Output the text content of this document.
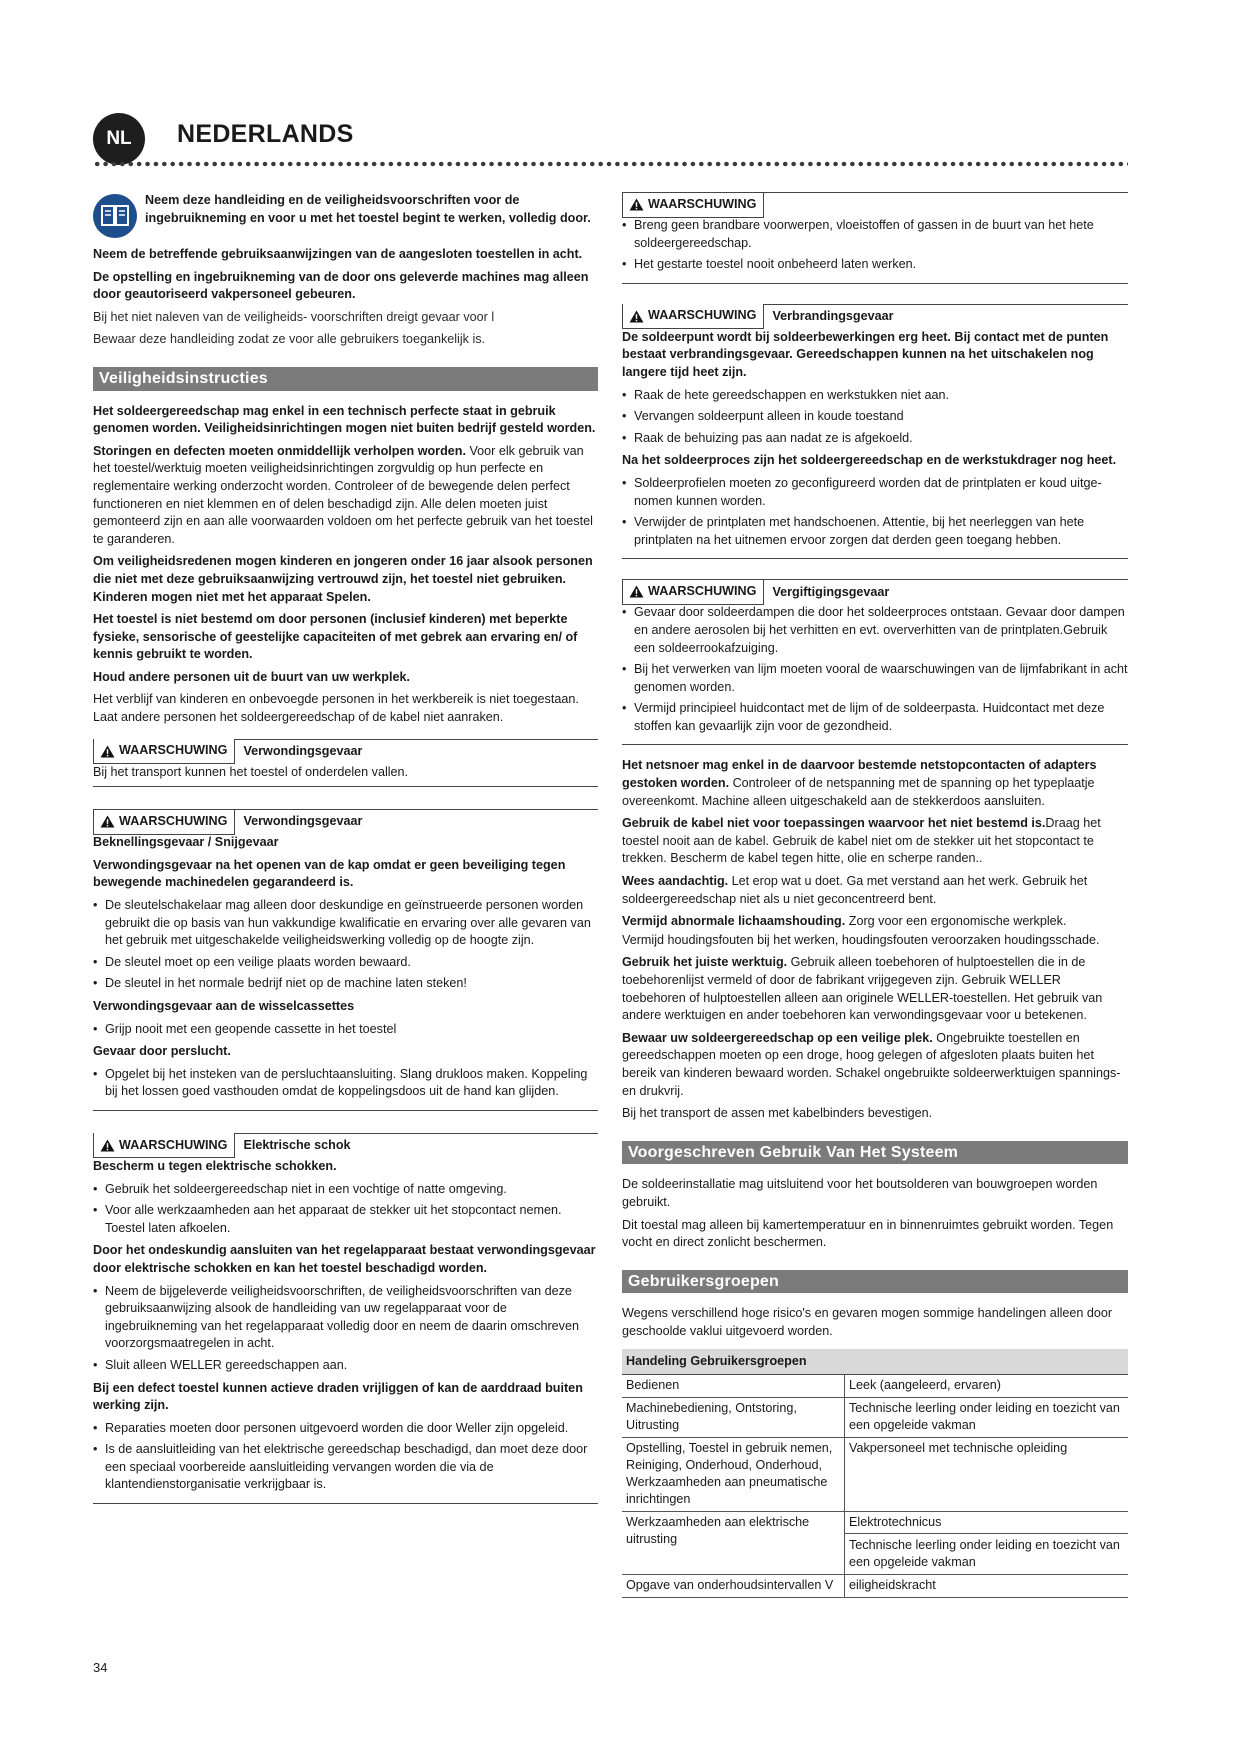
NL NEDERLANDS

Neem deze handleiding en de veiligheidsvoorschriften voor de ingebruikneming en voor u met het toestel begint te werken, volledig door.

Neem de betreffende gebruiksaanwijzingen van de aangesloten toestellen in acht.

De opstelling en ingebruikneming van de door ons geleverde machines mag alleen door geautoriseerd vakpersoneel gebeuren.

Bij het niet naleven van de veiligheids- voorschriften dreigt gevaar voor l

Bewaar deze handleiding zodat ze voor alle gebruikers toegankelijk is.

Veiligheidsinstructies

Het soldeergereedschap mag enkel in een technisch perfecte staat in gebruik genomen worden. Veiligheidsinrichtingen mogen niet buiten bedrijf gesteld worden.

Storingen en defecten moeten onmiddellijk verholpen worden. Voor elk gebruik van het toestel/werktuig moeten veiligheidsinrichtingen zorgvuldig op hun perfecte en reglementaire werking onderzocht worden. Controleer of de bewegende delen perfect functioneren en niet klemmen en of delen beschadigd zijn. Alle delen moeten juist gemonteerd zijn en aan alle voorwaarden voldoen om het perfecte gebruik van het toestel te garanderen.

Om veiligheidsredenen mogen kinderen en jongeren onder 16 jaar alsook personen die niet met deze gebruiksaanwijzing vertrouwd zijn, het toestel niet gebruiken. Kinderen mogen niet met het apparaat Spelen.

Het toestel is niet bestemd om door personen (inclusief kinderen) met beperkte fysieke, sensorische of geestelijke capaciteiten of met gebrek aan ervaring en/ of kennis gebruikt te worden.

Houd andere personen uit de buurt van uw werkplek.

Het verblijf van kinderen en onbevoegde personen in het werkbereik is niet toegestaan. Laat andere personen het soldeergereedschap of de kabel niet aanraken.

WAARSCHUWING	Verwondingsgevaar

Bij het transport kunnen het toestel of onderdelen vallen.

WAARSCHUWING	Verwondingsgevaar

Beknellingsgevaar / Snijgevaar

Verwondingsgevaar na het openen van de kap omdat er geen beveiliging tegen bewegende machinedelen gegarandeerd is.

• De sleutelschakelaar mag alleen door deskundige en geïnstrueerde personen worden gebruikt die op basis van hun vakkundige kwalificatie en ervaring over alle gevaren van het gebruik met uitgeschakelde veiligheidswerking volledig op de hoogte zijn.
• De sleutel moet op een veilige plaats worden bewaard.
• De sleutel in het normale bedrijf niet op de machine laten steken!

Verwondingsgevaar aan de wisselcassettes

• Grijp nooit met een geopende cassette in het toestel

Gevaar door perslucht.

• Opgelet bij het insteken van de persluchtaansluiting. Slang drukloos maken. Koppeling bij het lossen goed vasthouden omdat de koppelingsdoos uit de hand kan glijden.
WAARSCHUWING	Elektrische schok

Bescherm u tegen elektrische schokken.

• Gebruik het soldeergereedschap niet in een vochtige of natte omgeving.
• Voor alle werkzaamheden aan het apparaat de stekker uit het stopcontact nemen. Toestel laten afkoelen.

Door het ondeskundig aansluiten van het regelapparaat bestaat verwondingsgevaar door elektrische schokken en kan het toestel beschadigd worden.

• Neem de bijgeleverde veiligheidsvoorschriften, de veiligheidsvoorschriften van deze gebruiksaanwijzing alsook de handleiding van uw regelapparaat voor de ingebruikneming van het regelapparaat volledig door en neem de daarin omschreven voorzorgsmaatregelen in acht.
• Sluit alleen WELLER gereedschappen aan.

Bij een defect toestel kunnen actieve draden vrijliggen of kan de aarddraad buiten werking zijn.

• Reparaties moeten door personen uitgevoerd worden die door Weller zijn opgeleid.
• Is de aansluitleiding van het elektrische gereedschap beschadigd, dan moet deze door een speciaal voorbereide aansluitleiding vervangen worden die via de klantendienstorganisatie verkrijgbaar is.
WAARSCHUWING
• Breng geen brandbare voorwerpen, vloeistoffen of gassen in de buurt van het hete soldeergereedschap.
• Het gestarte toestel nooit onbeheerd laten werken.
WAARSCHUWING	Verbrandingsgevaar

De soldeerpunt wordt bij soldeerbewerkingen erg heet. Bij contact met de punten bestaat verbrandingsgevaar. Gereedschappen kunnen na het uitschakelen nog langere tijd heet zijn.

• Raak de hete gereedschappen en werkstukken niet aan.
• Vervangen soldeerpunt alleen in koude toestand
• Raak de behuizing pas aan nadat ze is afgekoeld.

Na het soldeerproces zijn het soldeergereedschap en de werkstukdrager nog heet.

• Soldeerprofielen moeten zo geconfigureerd worden dat de printplaten er koud uitge- nomen kunnen worden.
• Verwijder de printplaten met handschoenen. Attentie, bij het neerleggen van hete printplaten na het uitnemen ervoor zorgen dat derden geen toegang hebben.
WAARSCHUWING	Vergiftigingsgevaar
• Gevaar door soldeerdampen die door het soldeerproces ontstaan. Gevaar door dampen en andere aerosolen bij het verhitten en evt. oververhitten van de printplaten.Gebruik een soldeerrookafzuiging.
• Bij het verwerken van lijm moeten vooral de waarschuwingen van de lijmfabrikant in acht genomen worden.
• Vermijd principieel huidcontact met de lijm of de soldeerpasta. Huidcontact met deze stoffen kan gevaarlijk zijn voor de gezondheid.

Het netsnoer mag enkel in de daarvoor bestemde netstopcontacten of adapters gestoken worden. Controleer of de netspanning met de spanning op het typeplaatje overeenkomt. Machine alleen uitgeschakeld aan de stekkerdoos aansluiten.

Gebruik de kabel niet voor toepassingen waarvoor het niet bestemd is.Draag het toestel nooit aan de kabel. Gebruik de kabel niet om de stekker uit het stopcontact te trekken. Bescherm de kabel tegen hitte, olie en scherpe randen..

Wees aandachtig. Let erop wat u doet. Ga met verstand aan het werk. Gebruik het soldeergereedschap niet als u niet geconcentreerd bent.

Vermijd abnormale lichaamshouding. Zorg voor een ergonomische werkplek.

Vermijd houdingsfouten bij het werken, houdingsfouten veroorzaken houdingsschade.

Gebruik het juiste werktuig. Gebruik alleen toebehoren of hulptoestellen die in de toebehorenlijst vermeld of door de fabrikant vrijgegeven zijn. Gebruik WELLER toebehoren of hulptoestellen alleen aan originele WELLER-toestellen. Het gebruik van andere werktuigen en ander toebehoren kan verwondingsgevaar voor u betekenen.

Bewaar uw soldeergereedschap op een veilige plek. Ongebruikte toestellen en gereedschappen moeten op een droge, hoog gelegen of afgesloten plaats buiten het bereik van kinderen bewaard worden. Schakel ongebruikte soldeerwerktuigen spannings- en drukvrij.

Bij het transport de assen met kabelbinders bevestigen.

Voorgeschreven Gebruik Van Het Systeem

De soldeerinstallatie mag uitsluitend voor het boutsolderen van bouwgroepen worden gebruikt.

Dit toestal mag alleen bij kamertemperatuur en in binnenruimtes gebruikt worden. Tegen vocht en direct zonlicht beschermen.

Gebruikersgroepen

Wegens verschillend hoge risico's en gevaren mogen sommige handelingen alleen door geschoolde vaklui uitgevoerd worden.

Handeling Gebruikersgroepen	
Bedienen	Leek (aangeleerd, ervaren)
Machinebediening, Ontstoring, Uitrusting	Technische leerling onder leiding en toezicht van een opgeleide vakman
Opstelling, Toestel in gebruik nemen, Reiniging, Onderhoud, Onderhoud, Werkzaamheden aan pneumatische inrichtingen	Vakpersoneel met technische opleiding
Werkzaamheden aan elektrische uitrusting	Elektrotechnicus
Technische leerling onder leiding en toezicht van een opgeleide vakman

Opgave van onderhoudsintervallen V	eiligheidskracht
34
